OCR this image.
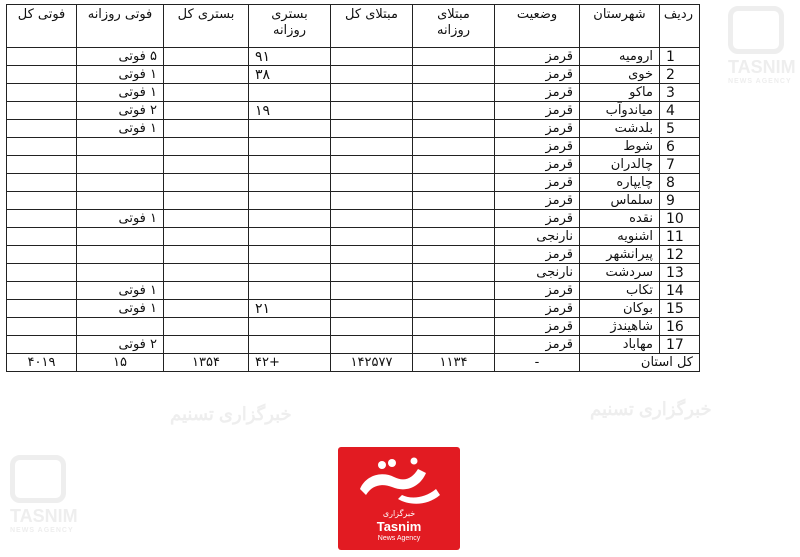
TASNIM
NEWS AGENCY
TASNIM
NEWS AGENCY
خبرگزاری تسنیم
خبرگزاری تسنیم
ردیف	شهرستان	وضعیت	مبتلای روزانه	مبتلای کل	بستری روزانه	بستری کل	فوتی روزانه	فوتی کل
1	ارومیه	قرمز			۹۱		۵ فوتی	
2	خوی	قرمز			۳۸		۱ فوتی	
3	ماکو	قرمز					۱ فوتی	
4	میاندوآب	قرمز			۱۹		۲ فوتی	
5	بلدشت	قرمز					۱ فوتی	
6	شوط	قرمز						
7	چالدران	قرمز						
8	چایپاره	قرمز						
9	سلماس	قرمز						
10	نقده	قرمز					۱ فوتی	
11	اشنویه	نارنجی						
12	پیرانشهر	قرمز						
13	سردشت	نارنجی						
14	تکاب	قرمز					۱ فوتی	
15	بوکان	قرمز			۲۱		۱ فوتی	
16	شاهیندژ	قرمز						
17	مهاباد	قرمز					۲ فوتی	
کل استان		-	۱۱۳۴	۱۴۲۵۷۷	+۴۲	۱۳۵۴	۱۵	۴۰۱۹
خبرگزاری
Tasnim
News Agency
